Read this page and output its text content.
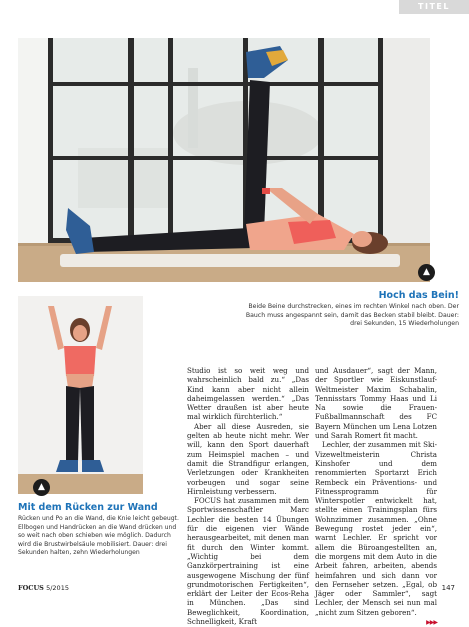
TITEL
▲
Hoch das Bein!
Beide Beine durchstrecken, eines im rechten Winkel nach oben. Der Bauch muss angespannt sein, damit das Becken stabil bleibt. Dauer: drei Sekunden, 15 Wiederholungen
▲
Mit dem Rücken zur Wand
Rücken und Po an die Wand, die Knie leicht gebeugt. Ellbogen und Handrücken an die Wand drücken und so weit nach oben schieben wie möglich. Dadurch wird die Brustwirbelsäule mobilisiert. Dauer: drei Sekunden halten, zehn Wiederholungen

Studio ist so weit weg und wahrscheinlich bald zu.“ „Das Kind kann aber nicht allein daheimgelassen werden.“ „Das Wetter draußen ist aber heute mal wirklich fürchterlich.“

Aber all diese Ausreden, sie gelten ab heute nicht mehr. Wer will, kann den Sport dauerhaft zum Heimspiel machen – und damit die Strandfigur erlangen, Verletzungen oder Krankheiten vorbeugen und sogar seine Hirnleistung verbessern.

FOCUS hat zusammen mit dem Sportwissenschaftler Marc Lechler die besten 14 Übungen für die eigenen vier Wände herausgearbeitet, mit denen man fit durch den Winter kommt. „Wichtig bei dem Ganzkörpertraining ist eine ausgewogene Mischung der fünf grundmotorischen Fertigkeiten“, erklärt der Leiter der Ecos-Reha in München. „Das sind Beweglichkeit, Koordination, Schnelligkeit, Kraft

und Ausdauer“, sagt der Mann, der Sportler wie Eiskunstlauf-Weltmeister Maxim Schabalin, Tennisstars Tommy Haas und Li Na sowie die Frauen-Fußballmannschaft des FC Bayern München um Lena Lotzen und Sarah Romert fit macht.

Lechler, der zusammen mit Ski-Vizeweltmeisterin Christa Kinshofer und dem renommierten Sportarzt Erich Rembeck ein Präventions- und Fitnessprogramm für Winterspotler entwickelt hat, stellte einen Trainingsplan fürs Wohnzimmer zusammen. „Ohne Bewegung rostet jeder ein“, warnt Lechler. Er spricht vor allem die Büroangestellten an, die morgens mit dem Auto in die Arbeit fahren, arbeiten, abends heimfahren und sich dann vor den Fernseher setzen. „Egal, ob Jäger oder Sammler“, sagt Lechler, der Mensch sei nun mal „nicht zum Sitzen geboren“.

▶▶▶

FOCUS 5/2015	147
